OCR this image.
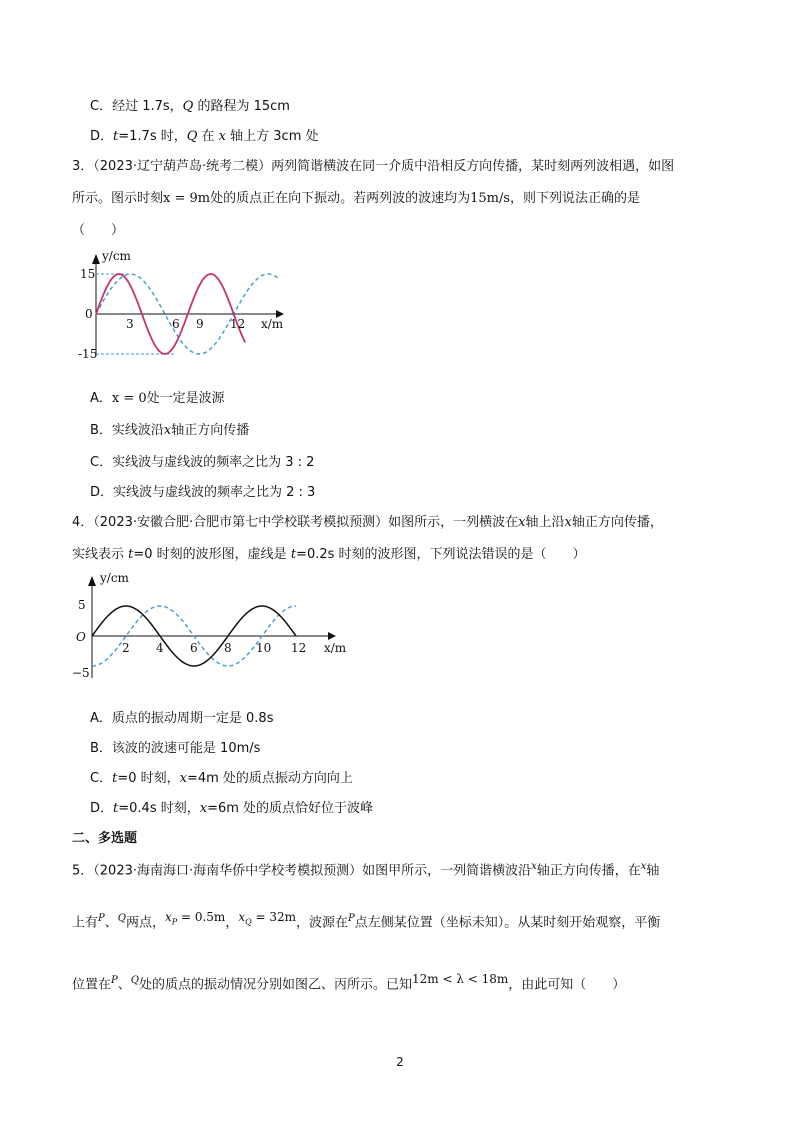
C．经过 1.7s，Q 的路程为 15cm
D．t=1.7s 时，Q 在 x 轴上方 3cm 处
3．（2023·辽宁葫芦岛·统考二模）两列简谐横波在同一介质中沿相反方向传播，某时刻两列波相遇，如图
所示。图示时刻x = 9m处的质点正在向下振动。若两列波的波速均为15m/s，则下列说法正确的是
（　　）
y/cm
x/m
0
15
-15
3	6 9 12
A．x = 0处一定是波源
B．实线波沿x轴正方向传播
C．实线波与虚线波的频率之比为 3 : 2
D．实线波与虚线波的频率之比为 2 : 3
4．（2023·安徽合肥·合肥市第七中学校联考模拟预测）如图所示，一列横波在x轴上沿x轴正方向传播，
实线表示 t=0 时刻的波形图，虚线是 t=0.2s 时刻的波形图，下列说法错误的是（　　）
y/cm
x/m
O
5
−5
2 4 6 8 10 12
A．质点的振动周期一定是 0.8s
B．该波的波速可能是 10m/s
C．t=0 时刻，x=4m 处的质点振动方向向上
D．t=0.4s 时刻，x=6m 处的质点恰好位于波峰
二、多选题
5．（2023·海南海口·海南华侨中学校考模拟预测）如图甲所示，一列简谐横波沿$^x$轴正方向传播，在$^x$轴
上有$^P$、$^Q$两点，$^{x_P = 0.5m}$，$^{x_Q = 32m}$，波源在$^P$点左侧某位置（坐标未知）。从某时刻开始观察，平衡
位置在$^P$、$^Q$处的质点的振动情况分别如图乙、丙所示。已知$^{12m < \lambda < 18m}$，由此可知（　　）
2
